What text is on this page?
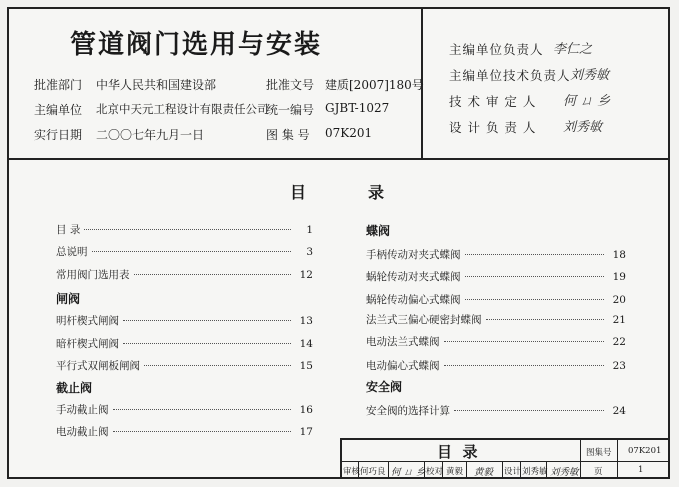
管道阀门选用与安装
批准部门 中华人民共和国建设部
主编单位 北京中天元工程设计有限责任公司
实行日期 二〇〇七年九月一日
批准文号 建质[2007]180号
统一编号 GJBT-1027
图 集 号 07K201
主编单位负责人 李仁之
主编单位技术负责人 刘秀敏
技 术 审 定 人 何 ㄩ 乡
设 计 负 责 人 刘秀敏
目	录
目 录	1
总说明	3
常用阀门选用表	12
闸阀
明杆楔式闸阀	13
暗杆楔式闸阀	14
平行式双闸板闸阀	15
截止阀
手动截止阀	16
电动截止阀	17
蝶阀
手柄传动对夹式蝶阀	18
蜗轮传动对夹式蝶阀	19
蜗轮传动偏心式蝶阀	20
法兰式三偏心硬密封蝶阀	21
电动法兰式蝶阀	22
电动偏心式蝶阀	23
安全阀
安全阀的选择计算	24
目  录	图集号 07K201
审核 何巧良 何 ㄩ 乡 校对 黄毅 黄毅 设计 刘秀敏 刘秀敏 页	1
